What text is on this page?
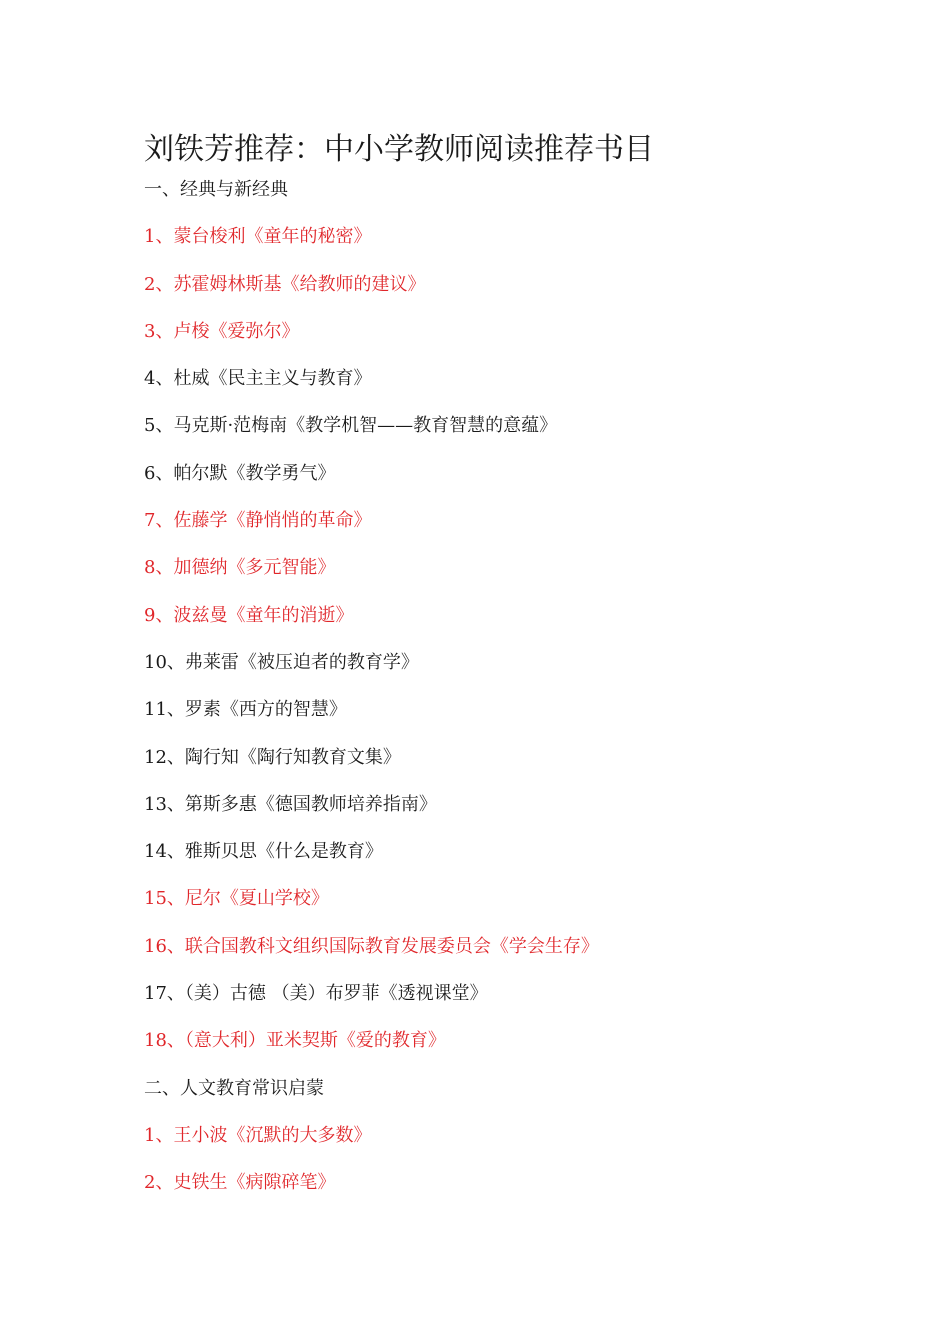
刘铁芳推荐：中小学教师阅读推荐书目
一、经典与新经典
1、蒙台梭利《童年的秘密》
2、苏霍姆林斯基《给教师的建议》
3、卢梭《爱弥尔》
4、杜威《民主主义与教育》
5、马克斯·范梅南《教学机智——教育智慧的意蕴》
6、帕尔默《教学勇气》
7、佐藤学《静悄悄的革命》
8、加德纳《多元智能》
9、波兹曼《童年的消逝》
10、弗莱雷《被压迫者的教育学》
11、罗素《西方的智慧》
12、陶行知《陶行知教育文集》
13、第斯多惠《德国教师培养指南》
14、雅斯贝思《什么是教育》
15、尼尔《夏山学校》
16、联合国教科文组织国际教育发展委员会《学会生存》
17、（美）古德 （美）布罗菲《透视课堂》
18、（意大利）亚米契斯《爱的教育》
二、人文教育常识启蒙
1、王小波《沉默的大多数》
2、史铁生《病隙碎笔》
